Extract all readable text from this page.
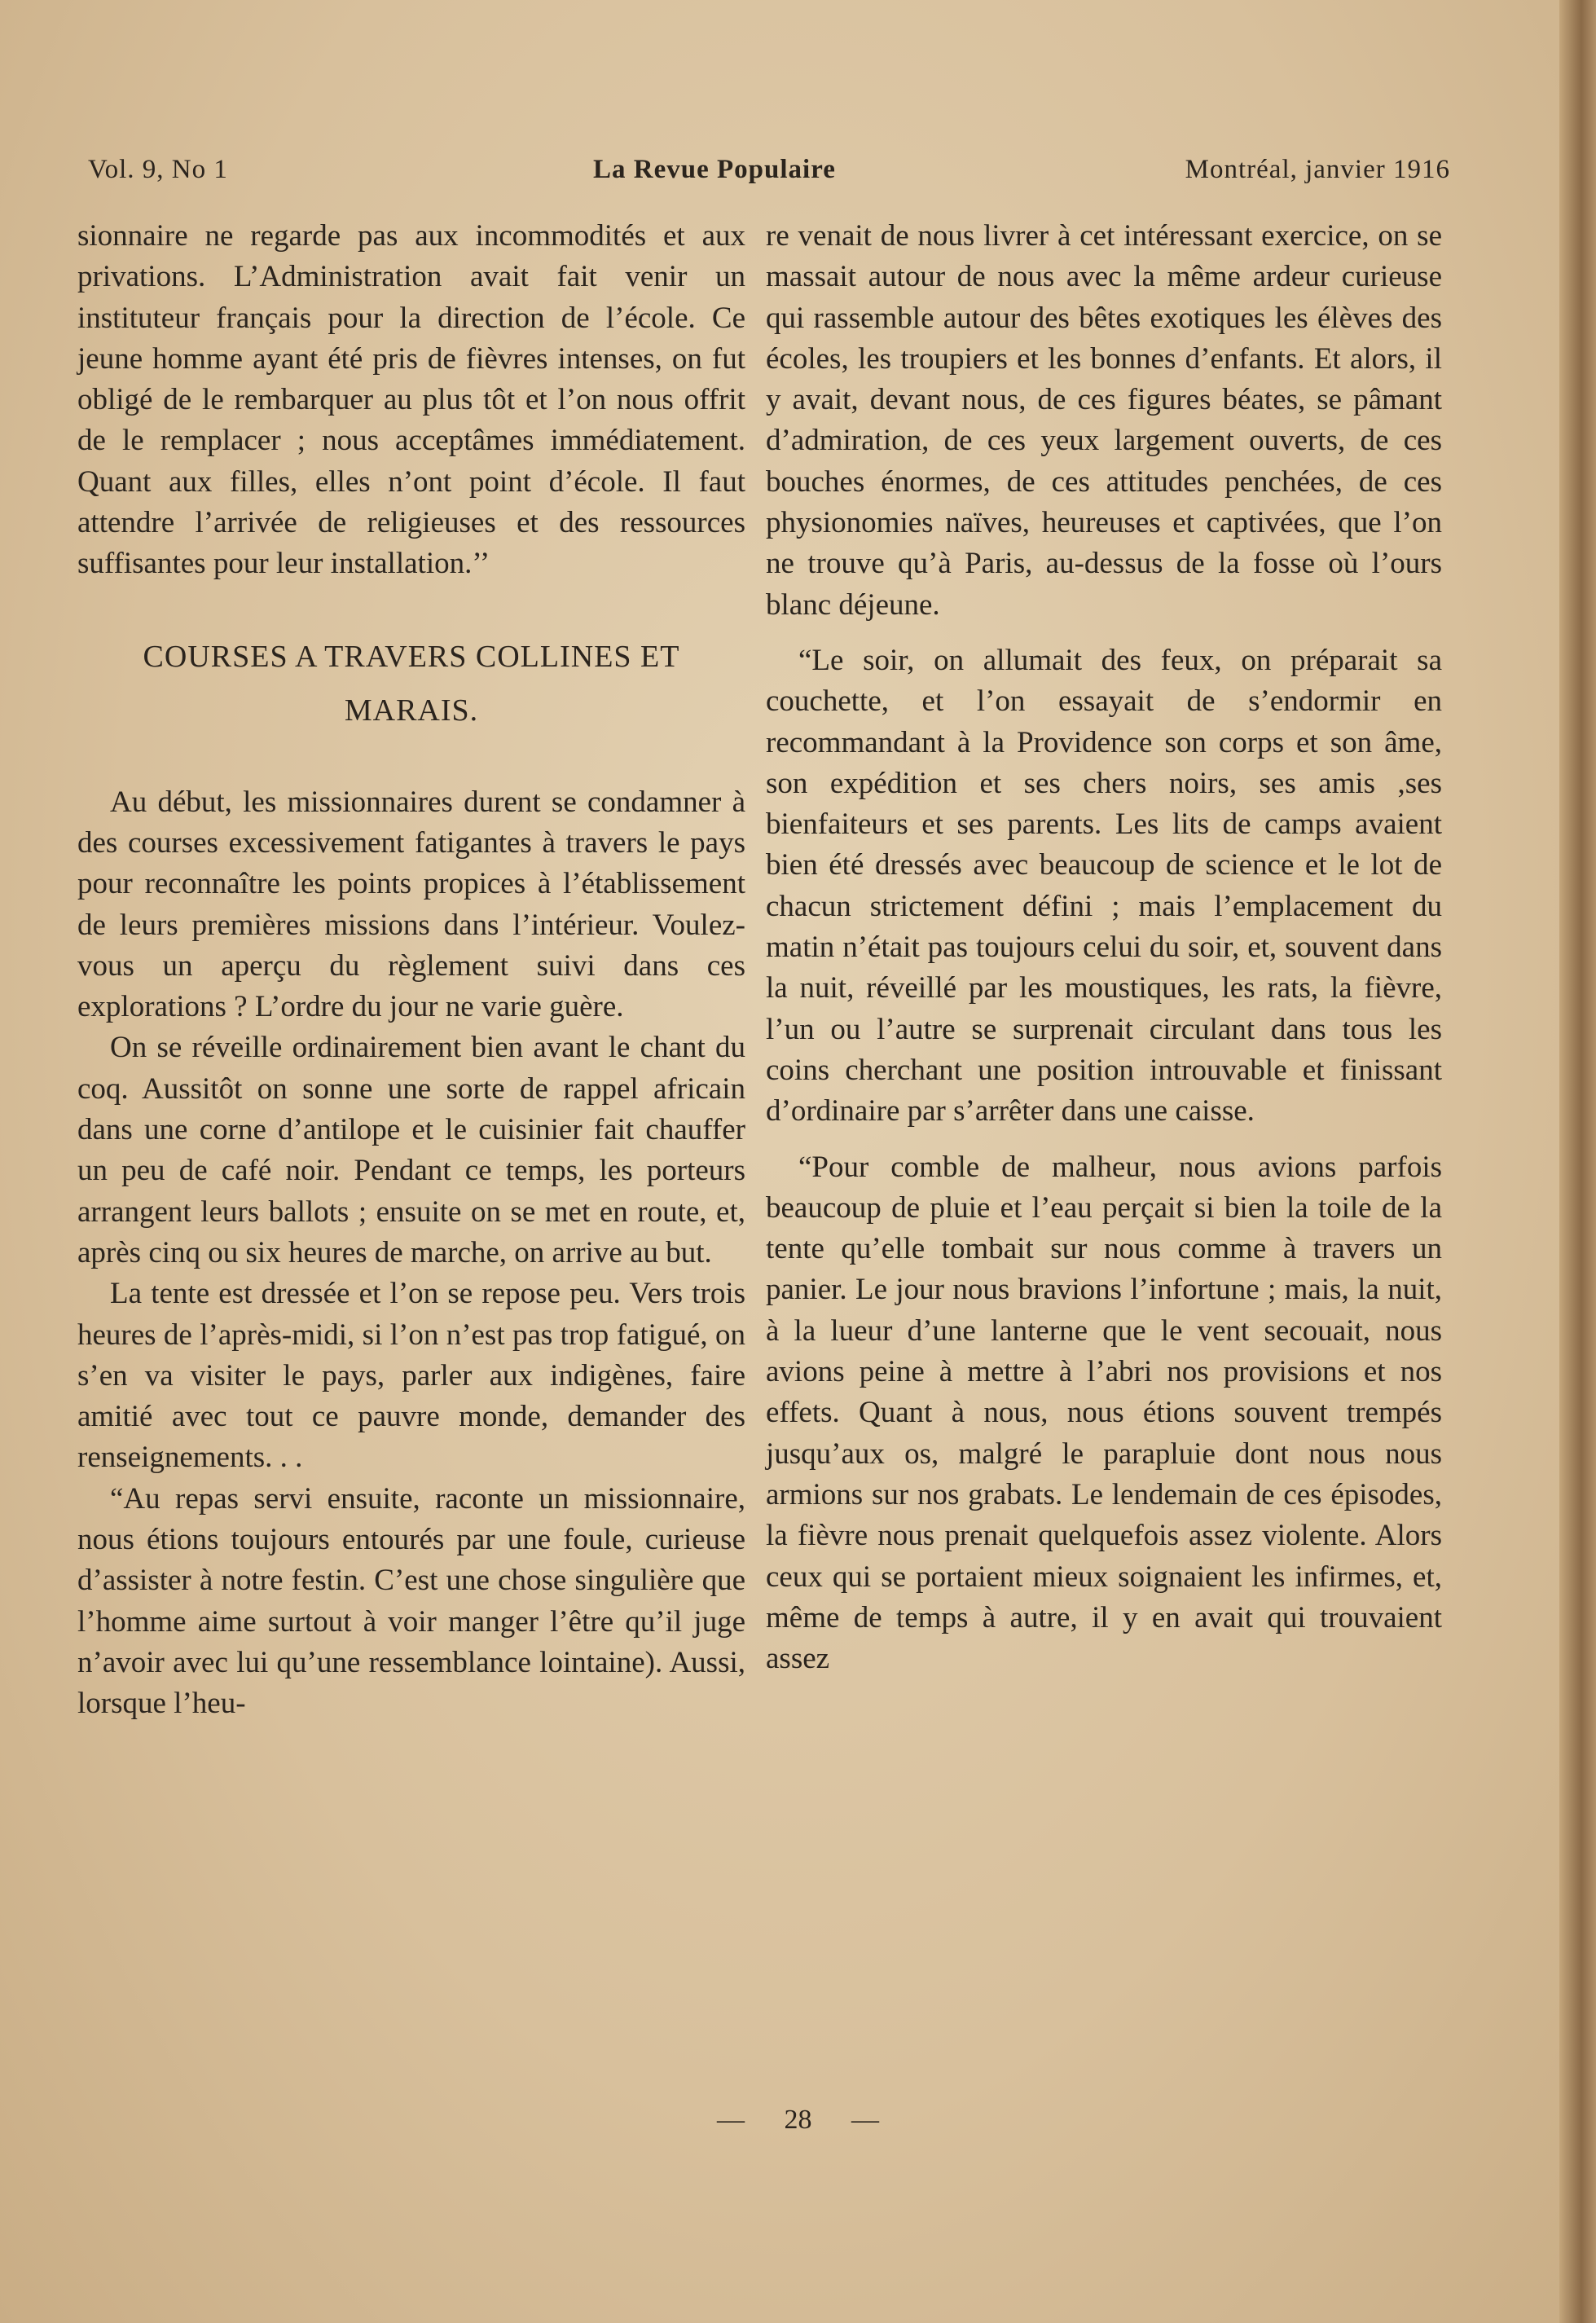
Vol. 9, No 1	La Revue Populaire	Montréal, janvier 1916

sionnaire ne regarde pas aux incommodités et aux privations. L’Administration avait fait venir un instituteur français pour la direction de l’école. Ce jeune homme ayant été pris de fièvres intenses, on fut obligé de le rembarquer au plus tôt et l’on nous offrit de le remplacer ; nous acceptâmes immédiatement. Quant aux filles, elles n’ont point d’école. Il faut attendre l’arrivée de religieuses et des ressources suffisantes pour leur installation.’’

COURSES A TRAVERS COLLINES ET MARAIS.

Au début, les missionnaires durent se condamner à des courses excessivement fatigantes à travers le pays pour reconnaître les points propices à l’établissement de leurs premières missions dans l’intérieur. Voulez-vous un aperçu du règlement suivi dans ces explorations ? L’ordre du jour ne varie guère.

On se réveille ordinairement bien avant le chant du coq. Aussitôt on sonne une sorte de rappel africain dans une corne d’antilope et le cuisinier fait chauffer un peu de café noir. Pendant ce temps, les porteurs arrangent leurs ballots ; ensuite on se met en route, et, après cinq ou six heures de marche, on arrive au but.

La tente est dressée et l’on se repose peu. Vers trois heures de l’après-midi, si l’on n’est pas trop fatigué, on s’en va visiter le pays, parler aux indigènes, faire amitié avec tout ce pauvre monde, demander des renseignements. . .

“Au repas servi ensuite, raconte un missionnaire, nous étions toujours entourés par une foule, curieuse d’assister à notre festin. C’est une chose singulière que l’homme aime surtout à voir manger l’être qu’il juge n’avoir avec lui qu’une ressemblance lointaine). Aussi, lorsque l’heu-

re venait de nous livrer à cet intéressant exercice, on se massait autour de nous avec la même ardeur curieuse qui rassemble autour des bêtes exotiques les élèves des écoles, les troupiers et les bonnes d’enfants. Et alors, il y avait, devant nous, de ces figures béates, se pâmant d’admiration, de ces yeux largement ouverts, de ces bouches énormes, de ces attitudes penchées, de ces physionomies naïves, heureuses et captivées, que l’on ne trouve qu’à Paris, au-dessus de la fosse où l’ours blanc déjeune.

“Le soir, on allumait des feux, on préparait sa couchette, et l’on essayait de s’endormir en recommandant à la Providence son corps et son âme, son expédition et ses chers noirs, ses amis ,ses bienfaiteurs et ses parents. Les lits de camps avaient bien été dressés avec beaucoup de science et le lot de chacun strictement défini ; mais l’emplacement du matin n’était pas toujours celui du soir, et, souvent dans la nuit, réveillé par les moustiques, les rats, la fièvre, l’un ou l’autre se surprenait circulant dans tous les coins cherchant une position introuvable et finissant d’ordinaire par s’arrêter dans une caisse.

“Pour comble de malheur, nous avions parfois beaucoup de pluie et l’eau perçait si bien la toile de la tente qu’elle tombait sur nous comme à travers un panier. Le jour nous bravions l’infortune ; mais, la nuit, à la lueur d’une lanterne que le vent secouait, nous avions peine à mettre à l’abri nos provisions et nos effets. Quant à nous, nous étions souvent trempés jusqu’aux os, malgré le parapluie dont nous nous armions sur nos grabats. Le lendemain de ces épisodes, la fièvre nous prenait quelquefois assez violente. Alors ceux qui se portaient mieux soignaient les infirmes, et, même de temps à autre, il y en avait qui trouvaient assez

— 28 —
